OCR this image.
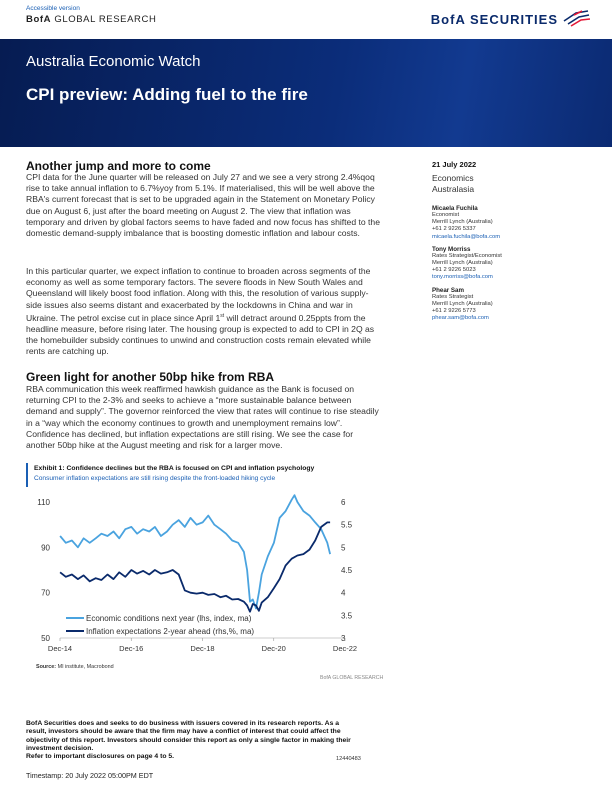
Accessible version
BofA GLOBAL RESEARCH	BofA SECURITIES
Australia Economic Watch
CPI preview: Adding fuel to the fire
Another jump and more to come
CPI data for the June quarter will be released on July 27 and we see a very strong 2.4%qoq rise to take annual inflation to 6.7%yoy from 5.1%. If materialised, this will be well above the RBA's current forecast that is set to be upgraded again in the Statement on Monetary Policy due on August 6, just after the board meeting on August 2. The view that inflation was temporary and driven by global factors seems to have faded and now focus has shifted to the domestic demand-supply imbalance that is boosting domestic inflation and labour costs.
In this particular quarter, we expect inflation to continue to broaden across segments of the economy as well as some temporary factors. The severe floods in New South Wales and Queensland will likely boost food inflation. Along with this, the resolution of various supply-side issues also seems distant and exacerbated by the lockdowns in China and war in Ukraine. The petrol excise cut in place since April 1st will detract around 0.25ppts from the headline measure, before rising later. The housing group is expected to add to CPI in 2Q as the homebuilder subsidy continues to unwind and construction costs remain elevated while rents are catching up.
Green light for another 50bp hike from RBA
RBA communication this week reaffirmed hawkish guidance as the Bank is focused on returning CPI to the 2-3% and seeks to achieve a “more sustainable balance between demand and supply”. The governor reinforced the view that rates will continue to rise steadily in a “way which the economy continues to growth and unemployment remains low”. Confidence has declined, but inflation expectations are still rising. We see the case for another 50bp hike at the August meeting and risk for a larger move.
21 July 2022
Economics
Australasia
Micaela Fuchila
Economist
Merrill Lynch (Australia)
+61 2 9226 5337
micaela.fuchila@bofa.com
Tony Morriss
Rates Strategist/Economist
Merrill Lynch (Australia)
+61 2 9226 5023
tony.morriss@bofa.com
Phear Sam
Rates Strategist
Merrill Lynch (Australia)
+61 2 9226 5773
phear.sam@bofa.com
Exhibit 1: Confidence declines but the RBA is focused on CPI and inflation psychology
Consumer inflation expectations are still rising despite the front-loaded hiking cycle
50
70
90
110
3
3.5
4
4.5
5
5.5
6
Dec-14	Dec-16	Dec-18	Dec-20	Dec-22
Economic conditions next year (lhs, index, ma)
Inflation expectations 2-year ahead (rhs,%, ma)
Source: MI institute, Macrobond
BofA GLOBAL RESEARCH
BofA Securities does and seeks to do business with issuers covered in its research reports. As a result, investors should be aware that the firm may have a conflict of interest that could affect the objectivity of this report. Investors should consider this report as only a single factor in making their investment decision.
Refer to important disclosures on page 4 to 5.	12440483
Timestamp: 20 July 2022 05:00PM EDT
